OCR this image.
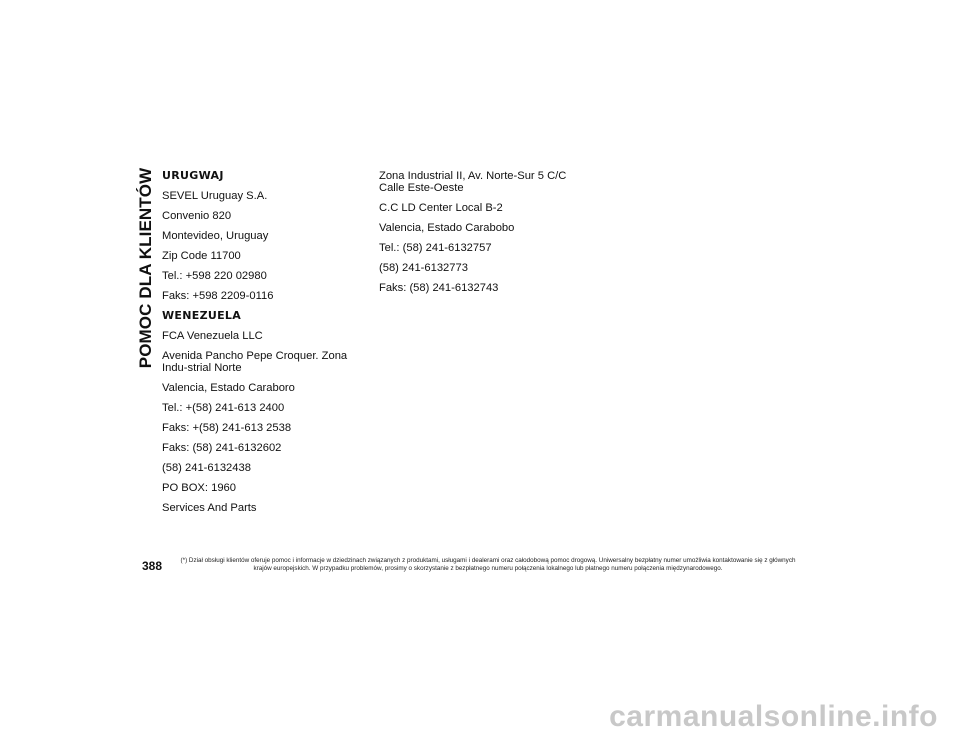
POMOC DLA KLIENTÓW URUGWAJ
SEVEL Uruguay S.A.
Convenio 820
Montevideo, Uruguay
Zip Code 11700
Tel.: +598 220 02980
Faks: +598 2209-0116
WENEZUELA
FCA Venezuela LLC
Avenida Pancho Pepe Croquer. Zona Indu-strial Norte
Valencia, Estado Caraboro
Tel.: +(58) 241-613 2400
Faks: +(58) 241-613 2538
Faks: (58) 241-6132602
(58) 241-6132438
PO BOX: 1960
Services And Parts
Zona Industrial II, Av. Norte-Sur 5 C/C Calle Este-Oeste
C.C LD Center Local B-2
Valencia, Estado Carabobo
Tel.: (58) 241-6132757
(58) 241-6132773
Faks: (58) 241-6132743
388	(*) Dział obsługi klientów oferuje pomoc i informacje w dziedzinach związanych z produktami, usługami i dealerami oraz całodobową pomoc drogową. Uniwersalny bezpłatny numer umożliwia kontaktowanie się z głównych krajów europejskich. W przypadku problemów, prosimy o skorzystanie z bezpłatnego numeru połączenia lokalnego lub płatnego numeru połączenia międzynarodowego.
carmanualsonline.info
